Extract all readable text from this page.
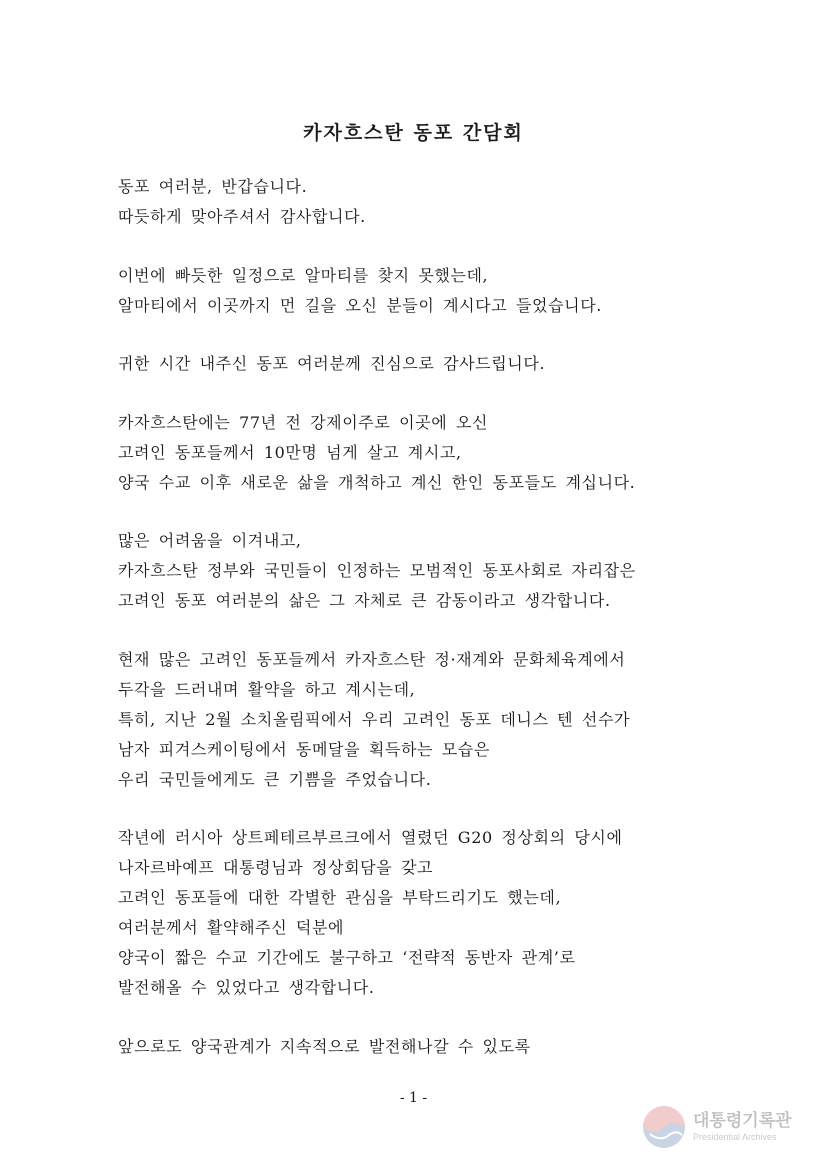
카자흐스탄 동포 간담회
동포 여러분, 반갑습니다.
따듯하게 맞아주셔서 감사합니다.
이번에 빠듯한 일정으로 알마티를 찾지 못했는데,
알마티에서 이곳까지 먼 길을 오신 분들이 계시다고 들었습니다.
귀한 시간 내주신 동포 여러분께 진심으로 감사드립니다.
카자흐스탄에는 77년 전 강제이주로 이곳에 오신
고려인 동포들께서 10만명 넘게 살고 계시고,
양국 수교 이후 새로운 삶을 개척하고 계신 한인 동포들도 계십니다.
많은 어려움을 이겨내고,
카자흐스탄 정부와 국민들이 인정하는 모범적인 동포사회로 자리잡은
고려인 동포 여러분의 삶은 그 자체로 큰 감동이라고 생각합니다.
현재 많은 고려인 동포들께서 카자흐스탄 정·재계와 문화체육계에서
두각을 드러내며 활약을 하고 계시는데,
특히, 지난 2월 소치올림픽에서 우리 고려인 동포 데니스 텐 선수가
남자 피겨스케이팅에서 동메달을 획득하는 모습은
우리 국민들에게도 큰 기쁨을 주었습니다.
작년에 러시아 상트페테르부르크에서 열렸던 G20 정상회의 당시에
나자르바예프 대통령님과 정상회담을 갖고
고려인 동포들에 대한 각별한 관심을 부탁드리기도 했는데,
여러분께서 활약해주신 덕분에
양국이 짧은 수교 기간에도 불구하고 ‘전략적 동반자 관계’로
발전해올 수 있었다고 생각합니다.
앞으로도 양국관계가 지속적으로 발전해나갈 수 있도록
- 1 -
대통령기록관
Presidential Archives
